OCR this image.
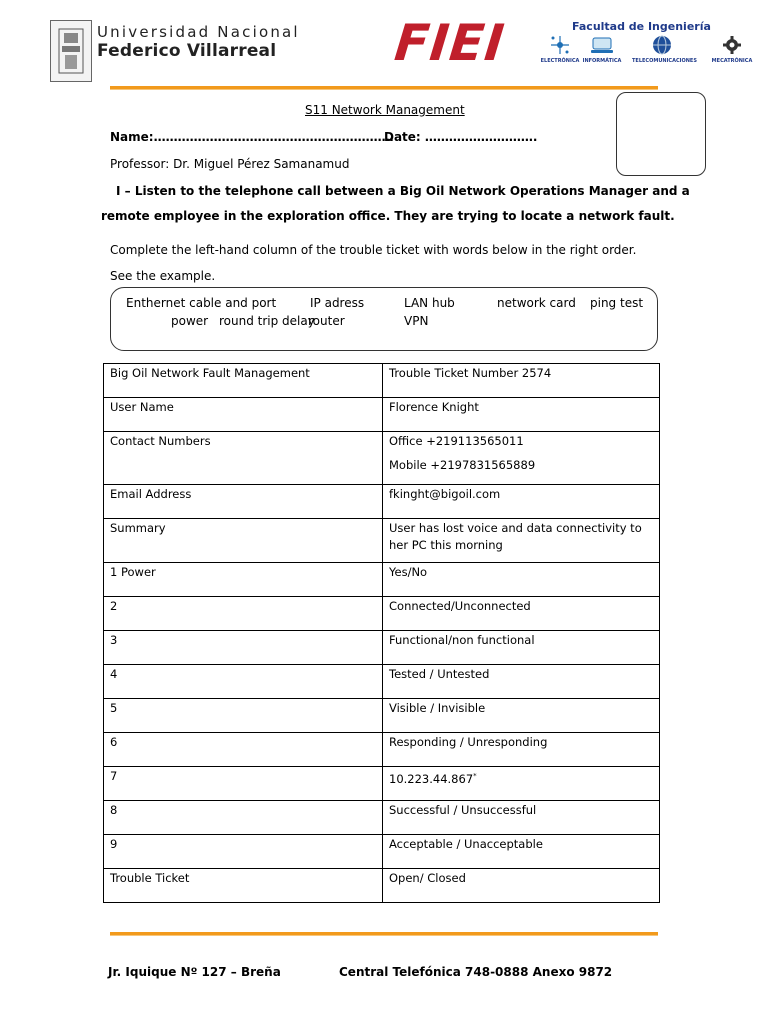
Universidad Nacional
Federico Villarreal	FIEI	Facultad de Ingeniería
ELECTRÓNICA INFORMÁTICA	TELECOMUNICACIONES	MECATRÓNICA
S11 Network Management
Name:……………………………………………………
Date: ……………………….
Professor: Dr. Miguel Pérez Samanamud
I – Listen to the telephone call between a Big Oil Network Operations Manager and a
remote employee in the exploration office. They are trying to locate a network fault.
Complete the left-hand column of the trouble ticket with words below in the right order.
See the example.
Enthernet cable and port	IP adress	LAN hub	network card ping test
power round trip delay
router	VPN
Big Oil Network Fault Management	Trouble Ticket Number 2574
User Name	Florence Knight
Contact Numbers	Office +219113565011
Mobile +2197831565889

Email Address	fkinght@bigoil.com
Summary	User has lost voice and data connectivity to her PC this morning
1 Power	Yes/No
2	Connected/Unconnected
3	Functional/non functional
4	Tested / Untested
5	Visible / Invisible
6	Responding / Unresponding
7	10.223.44.867*
8	Successful / Unsuccessful
9	Acceptable / Unacceptable
Trouble Ticket	Open/ Closed
Jr. Iquique Nº 127 – Breña	Central Telefónica 748-0888 Anexo 9872
